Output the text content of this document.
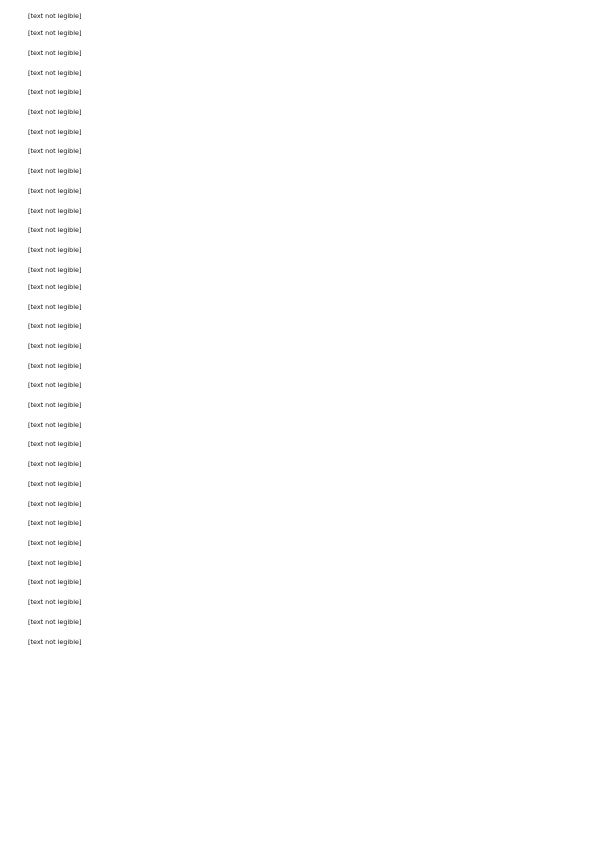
[text not legible]

[text not legible]

[text not legible]

[text not legible]

[text not legible]

[text not legible]

[text not legible]

[text not legible]

[text not legible]

[text not legible]

[text not legible]

[text not legible]

[text not legible]

[text not legible]

[text not legible]

[text not legible]

[text not legible]

[text not legible]

[text not legible]

[text not legible]

[text not legible]

[text not legible]

[text not legible]

[text not legible]

[text not legible]

[text not legible]

[text not legible]

[text not legible]

[text not legible]

[text not legible]

[text not legible]

[text not legible]

[text not legible]
